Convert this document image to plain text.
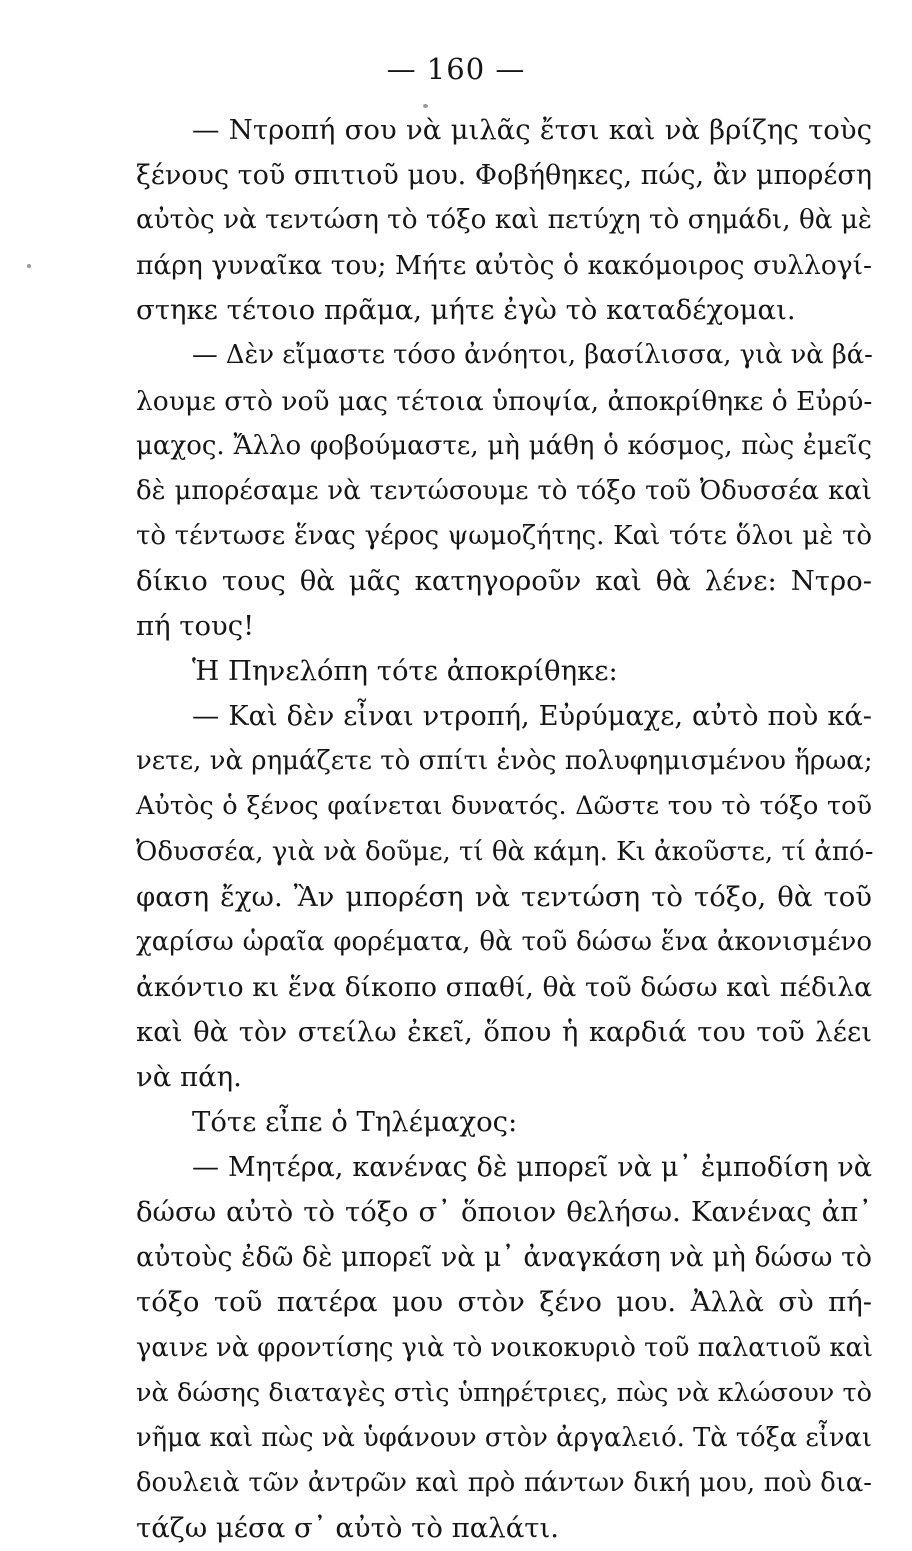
— 160 —
— Ντροπή σου νὰ μιλᾶς ἔτσι καὶ νὰ βρίζης τοὺς
ξένους τοῦ σπιτιοῦ μου. Φοβήθηκες, πώς, ἂν μπορέση
αὐτὸς νὰ τεντώση τὸ τόξο καὶ πετύχη τὸ σημάδι, θὰ μὲ
πάρη γυναῖκα του; Μήτε αὐτὸς ὁ κακόμοιρος συλλογί-
στηκε τέτοιο πρᾶμα, μήτε ἐγὼ τὸ καταδέχομαι.
— Δὲν εἴμαστε τόσο ἀνόητοι, βασίλισσα, γιὰ νὰ βά-
λουμε στὸ νοῦ μας τέτοια ὑποψία, ἀποκρίθηκε ὁ Εὐρύ-
μαχος. Ἄλλο φοβούμαστε, μὴ μάθη ὁ κόσμος, πὼς ἐμεῖς
δὲ μπορέσαμε νὰ τεντώσουμε τὸ τόξο τοῦ Ὀδυσσέα καὶ
τὸ τέντωσε ἕνας γέρος ψωμοζήτης. Καὶ τότε ὅλοι μὲ τὸ
δίκιο τους θὰ μᾶς κατηγοροῦν καὶ θὰ λένε: Ντρο-
πή τους!
Ἡ Πηνελόπη τότε ἀποκρίθηκε:
— Καὶ δὲν εἶναι ντροπή, Εὐρύμαχε, αὐτὸ ποὺ κά-
νετε, νὰ ρημάζετε τὸ σπίτι ἑνὸς πολυφημισμένου ἥρωα;
Αὐτὸς ὁ ξένος φαίνεται δυνατός. Δῶστε του τὸ τόξο τοῦ
Ὀδυσσέα, γιὰ νὰ δοῦμε, τί θὰ κάμη. Κι ἀκοῦστε, τί ἀπό-
φαση ἔχω. Ἂν μπορέση νὰ τεντώση τὸ τόξο, θὰ τοῦ
χαρίσω ὡραῖα φορέματα, θὰ τοῦ δώσω ἕνα ἀκονισμένο
ἀκόντιο κι ἕνα δίκοπο σπαθί, θὰ τοῦ δώσω καὶ πέδιλα
καὶ θὰ τὸν στείλω ἐκεῖ, ὅπου ἡ καρδιά του τοῦ λέει
νὰ πάη.
Τότε εἶπε ὁ Τηλέμαχος:
— Μητέρα, κανένας δὲ μπορεῖ νὰ μ᾽ ἐμποδίση νὰ
δώσω αὐτὸ τὸ τόξο σ᾽ ὅποιον θελήσω. Κανένας ἀπ᾽
αὐτοὺς ἐδῶ δὲ μπορεῖ νὰ μ᾽ ἀναγκάση νὰ μὴ δώσω τὸ
τόξο τοῦ πατέρα μου στὸν ξένο μου. Ἀλλὰ σὺ πή-
γαινε νὰ φροντίσης γιὰ τὸ νοικοκυριὸ τοῦ παλατιοῦ καὶ
νὰ δώσης διαταγὲς στὶς ὑπηρέτριες, πὼς νὰ κλώσουν τὸ
νῆμα καὶ πὼς νὰ ὑφάνουν στὸν ἀργαλειό. Τὰ τόξα εἶναι
δουλειὰ τῶν ἀντρῶν καὶ πρὸ πάντων δική μου, ποὺ δια-
τάζω μέσα σ᾽ αὐτὸ τὸ παλάτι.
